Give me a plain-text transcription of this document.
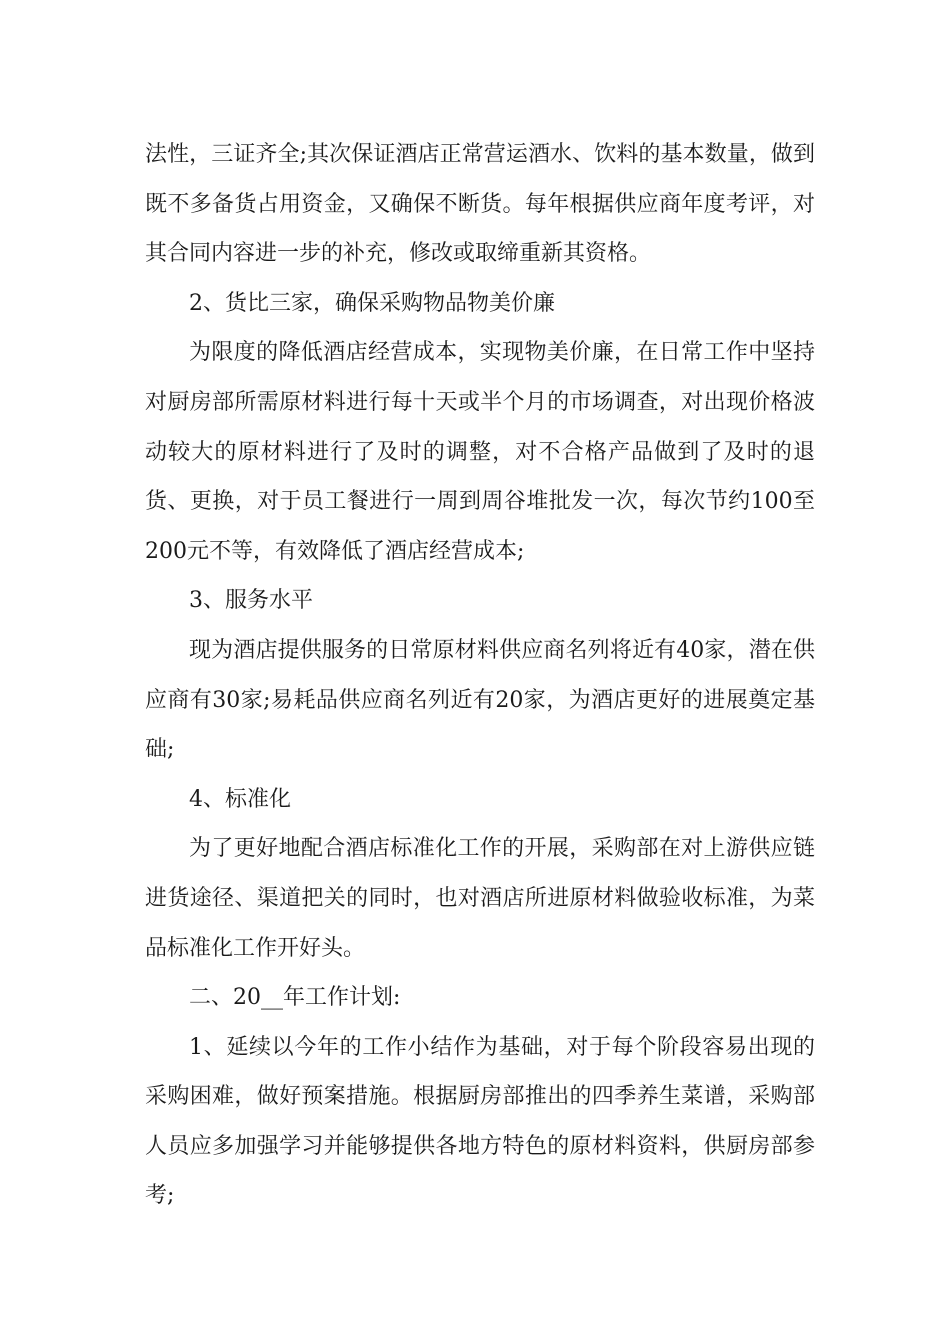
法性，三证齐全;其次保证酒店正常营运酒水、饮料的基本数量，做到既不多备货占用资金，又确保不断货。每年根据供应商年度考评，对其合同内容进一步的补充，修改或取缔重新其资格。

2、货比三家，确保采购物品物美价廉

为限度的降低酒店经营成本，实现物美价廉，在日常工作中坚持对厨房部所需原材料进行每十天或半个月的市场调查，对出现价格波动较大的原材料进行了及时的调整，对不合格产品做到了及时的退货、更换，对于员工餐进行一周到周谷堆批发一次，每次节约100至200元不等，有效降低了酒店经营成本;

3、服务水平

现为酒店提供服务的日常原材料供应商名列将近有40家，潜在供应商有30家;易耗品供应商名列近有20家，为酒店更好的进展奠定基础;

4、标准化

为了更好地配合酒店标准化工作的开展，采购部在对上游供应链进货途径、渠道把关的同时，也对酒店所进原材料做验收标准，为菜品标准化工作开好头。

二、20__年工作计划:

1、延续以今年的工作小结作为基础，对于每个阶段容易出现的采购困难，做好预案措施。根据厨房部推出的四季养生菜谱，采购部人员应多加强学习并能够提供各地方特色的原材料资料，供厨房部参考;
